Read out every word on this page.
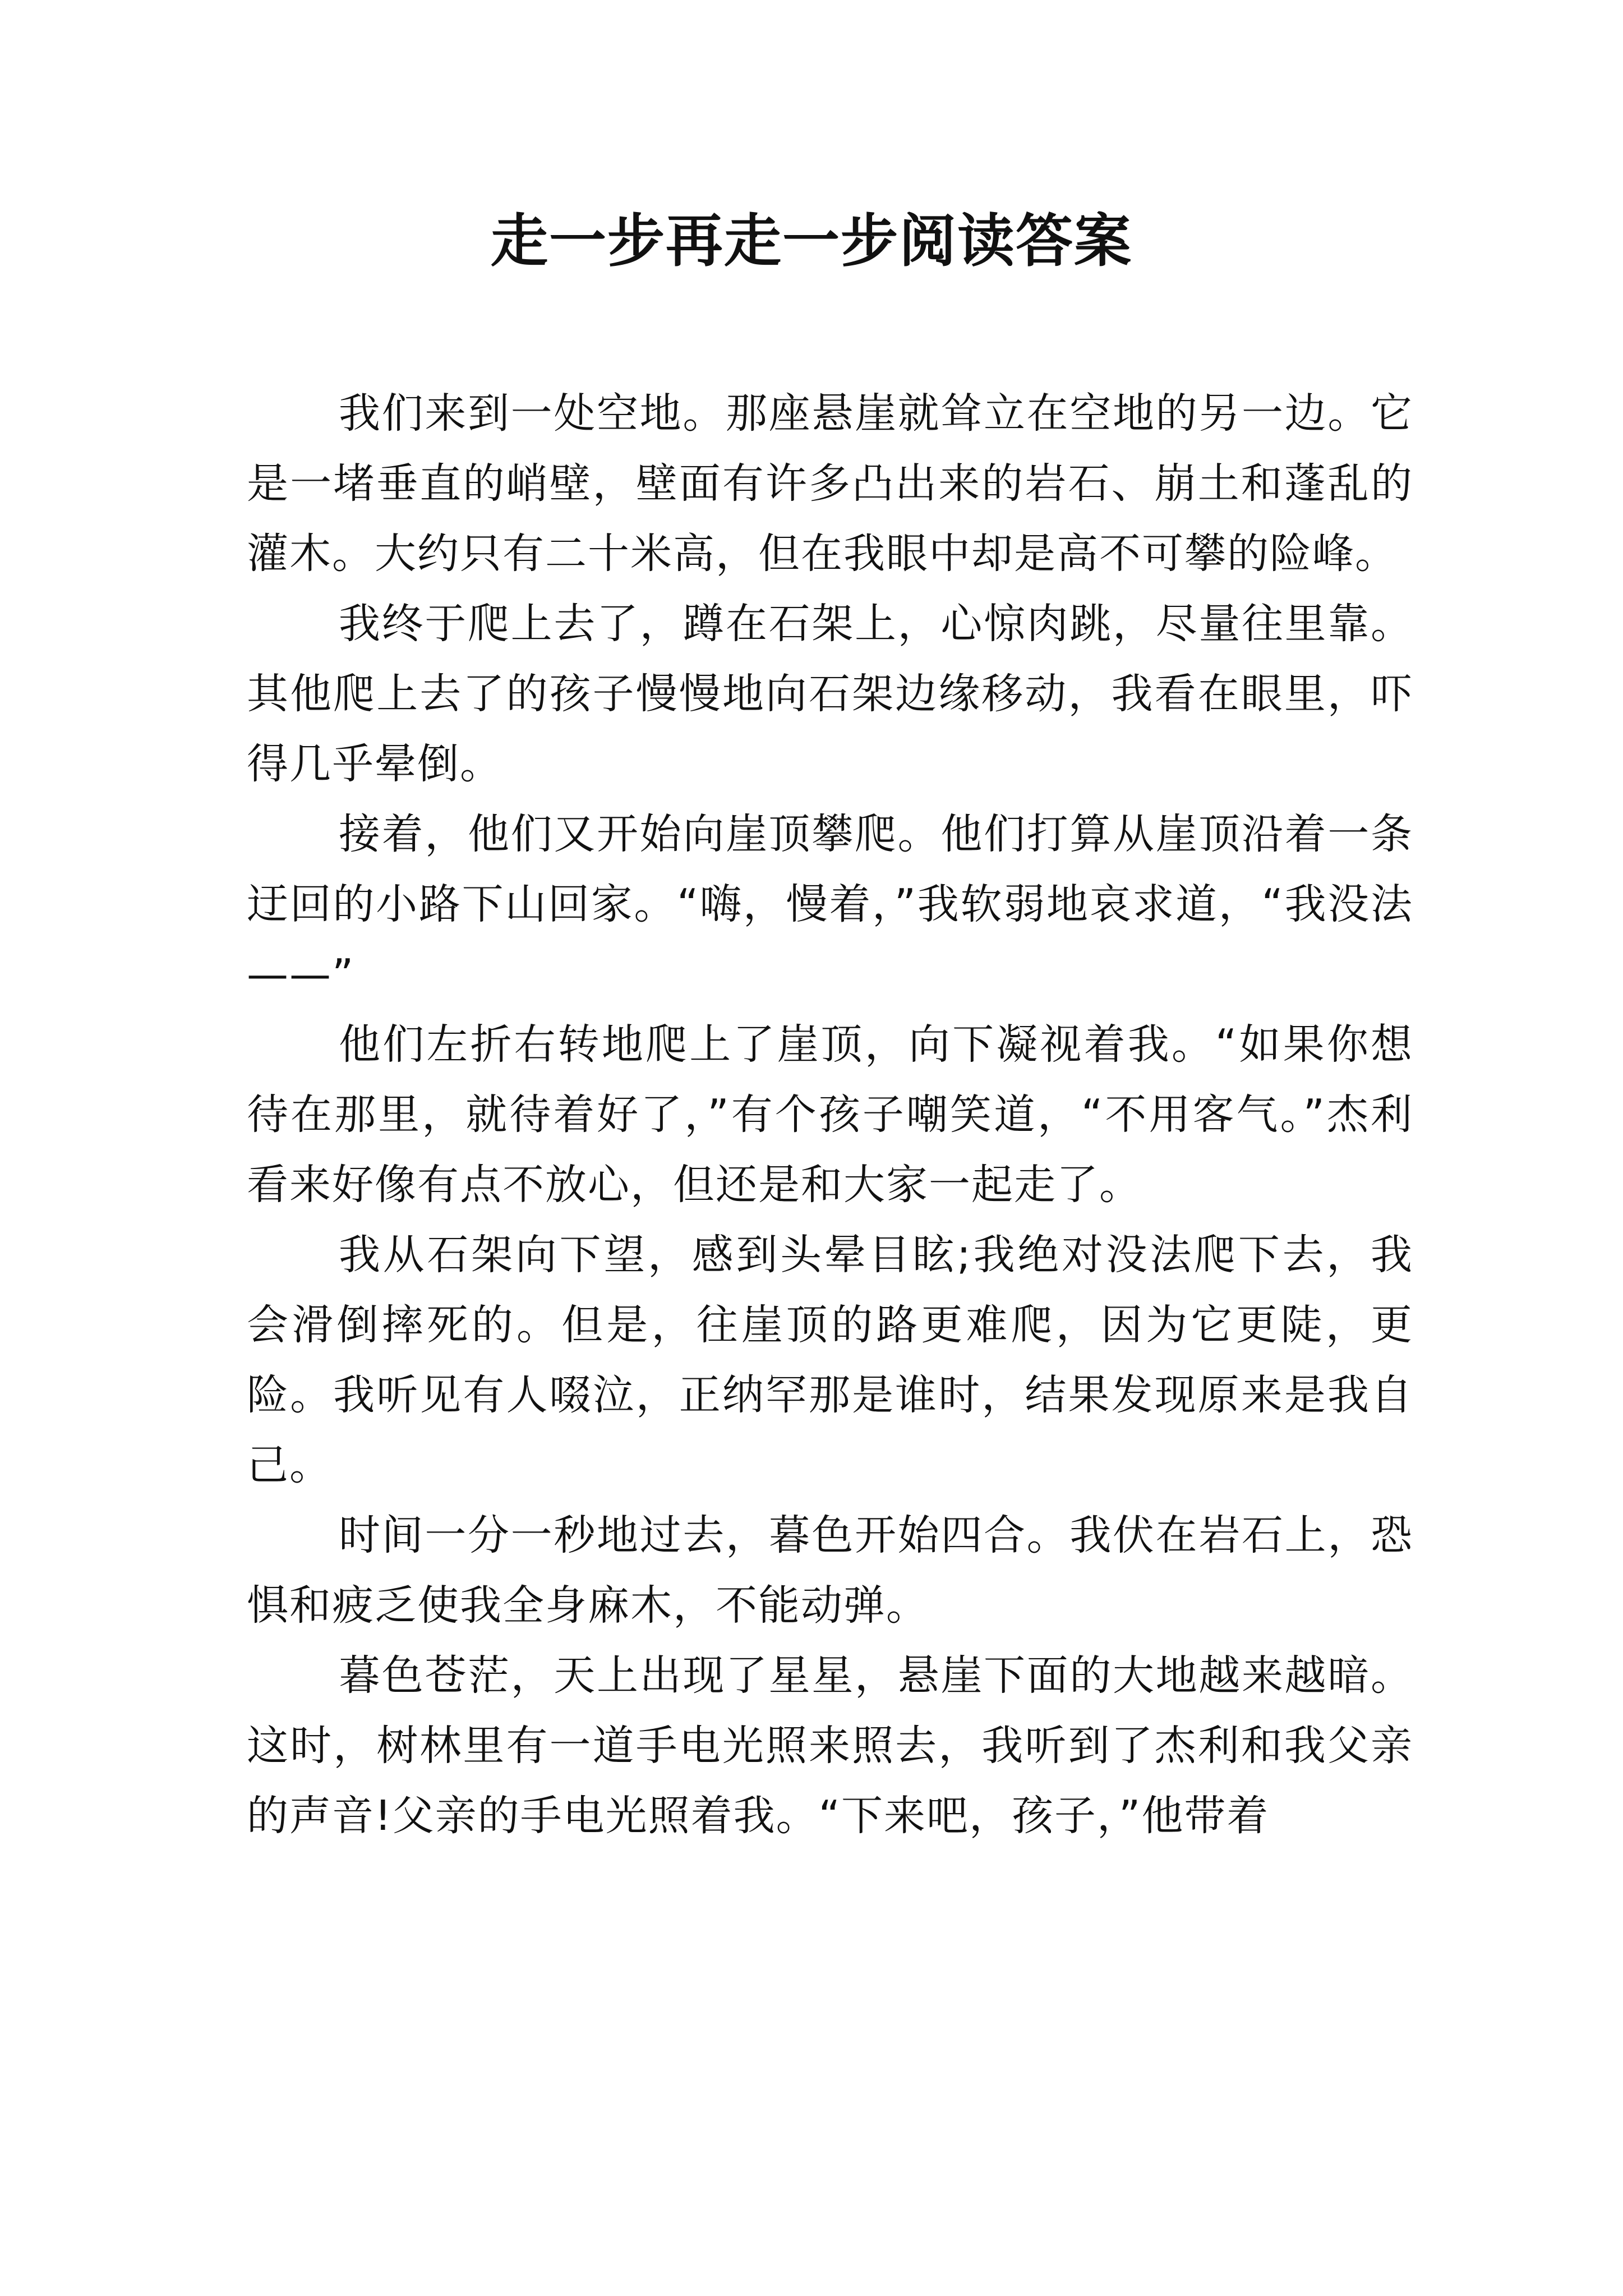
走一步再走一步阅读答案

我们来到一处空地。那座悬崖就耸立在空地的另一边。它是一堵垂直的峭壁，壁面有许多凸出来的岩石、崩土和蓬乱的灌木。大约只有二十米高，但在我眼中却是高不可攀的险峰。

我终于爬上去了，蹲在石架上，心惊肉跳，尽量往里靠。其他爬上去了的孩子慢慢地向石架边缘移动，我看在眼里，吓得几乎晕倒。

接着，他们又开始向崖顶攀爬。他们打算从崖顶沿着一条迂回的小路下山回家。“嗨，慢着，”我软弱地哀求道，“我没法——”

他们左折右转地爬上了崖顶，向下凝视着我。“如果你想待在那里，就待着好了，”有个孩子嘲笑道，“不用客气。”杰利看来好像有点不放心，但还是和大家一起走了。

我从石架向下望，感到头晕目眩;我绝对没法爬下去，我会滑倒摔死的。但是，往崖顶的路更难爬，因为它更陡，更险。我听见有人啜泣，正纳罕那是谁时，结果发现原来是我自己。

时间一分一秒地过去，暮色开始四合。我伏在岩石上，恐惧和疲乏使我全身麻木，不能动弹。

暮色苍茫，天上出现了星星，悬崖下面的大地越来越暗。这时，树林里有一道手电光照来照去，我听到了杰利和我父亲的声音!父亲的手电光照着我。“下来吧，孩子，”他带着
